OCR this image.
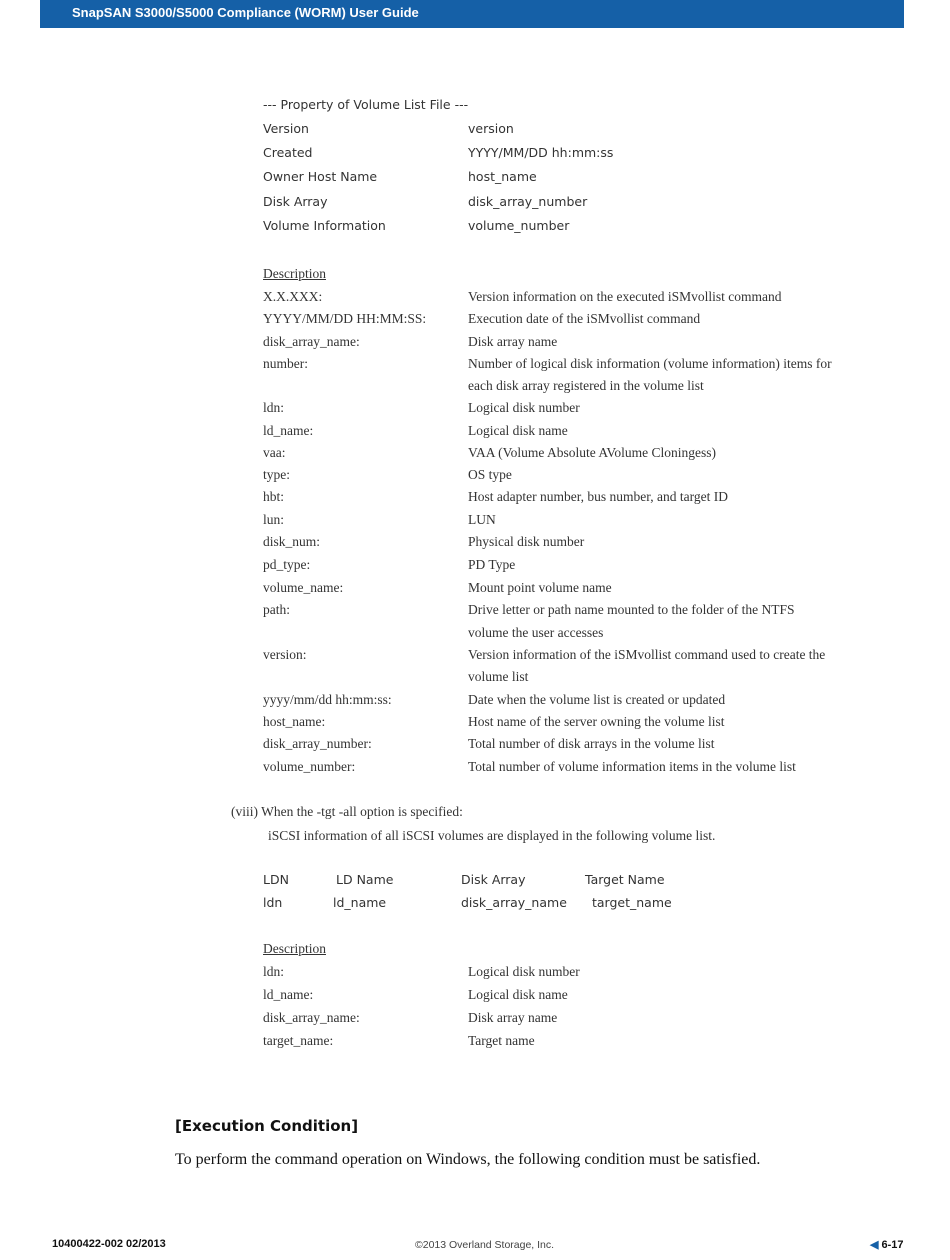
SnapSAN S3000/S5000 Compliance (WORM) User Guide
--- Property of Volume List File ---
Version	version
Created	YYYY/MM/DD hh:mm:ss
Owner Host Name	host_name
Disk Array	disk_array_number
Volume Information	volume_number
Description
X.X.XXX:	Version information on the executed iSMvollist command
YYYY/MM/DD HH:MM:SS:	Execution date of the iSMvollist command
disk_array_name:	Disk array name
number:	Number of logical disk information (volume information) items for
each disk array registered in the volume list
ldn:	Logical disk number
ld_name:	Logical disk name
vaa:	VAA (Volume Absolute AVolume Cloningess)
type:	OS type
hbt:	Host adapter number, bus number, and target ID
lun:	LUN
disk_num:	Physical disk number
pd_type:	PD Type
volume_name:	Mount point volume name
path:	Drive letter or path name mounted to the folder of the NTFS
volume the user accesses
version:	Version information of the iSMvollist command used to create the
volume list
yyyy/mm/dd hh:mm:ss:	Date when the volume list is created or updated
host_name:	Host name of the server owning the volume list
disk_array_number:	Total number of disk arrays in the volume list
volume_number:	Total number of volume information items in the volume list
(viii) When the -tgt -all option is specified:
iSCSI information of all iSCSI volumes are displayed in the following volume list.
LDN	LD Name	Disk Array	Target Name
ldn	ld_name	disk_array_name target_name
Description
ldn:	Logical disk number
ld_name:	Logical disk name
disk_array_name:	Disk array name
target_name:	Target name
[Execution Condition]
To perform the command operation on Windows, the following condition must be satisfied.
10400422-002 02/2013	©2013 Overland Storage, Inc.	◀ 6-17
